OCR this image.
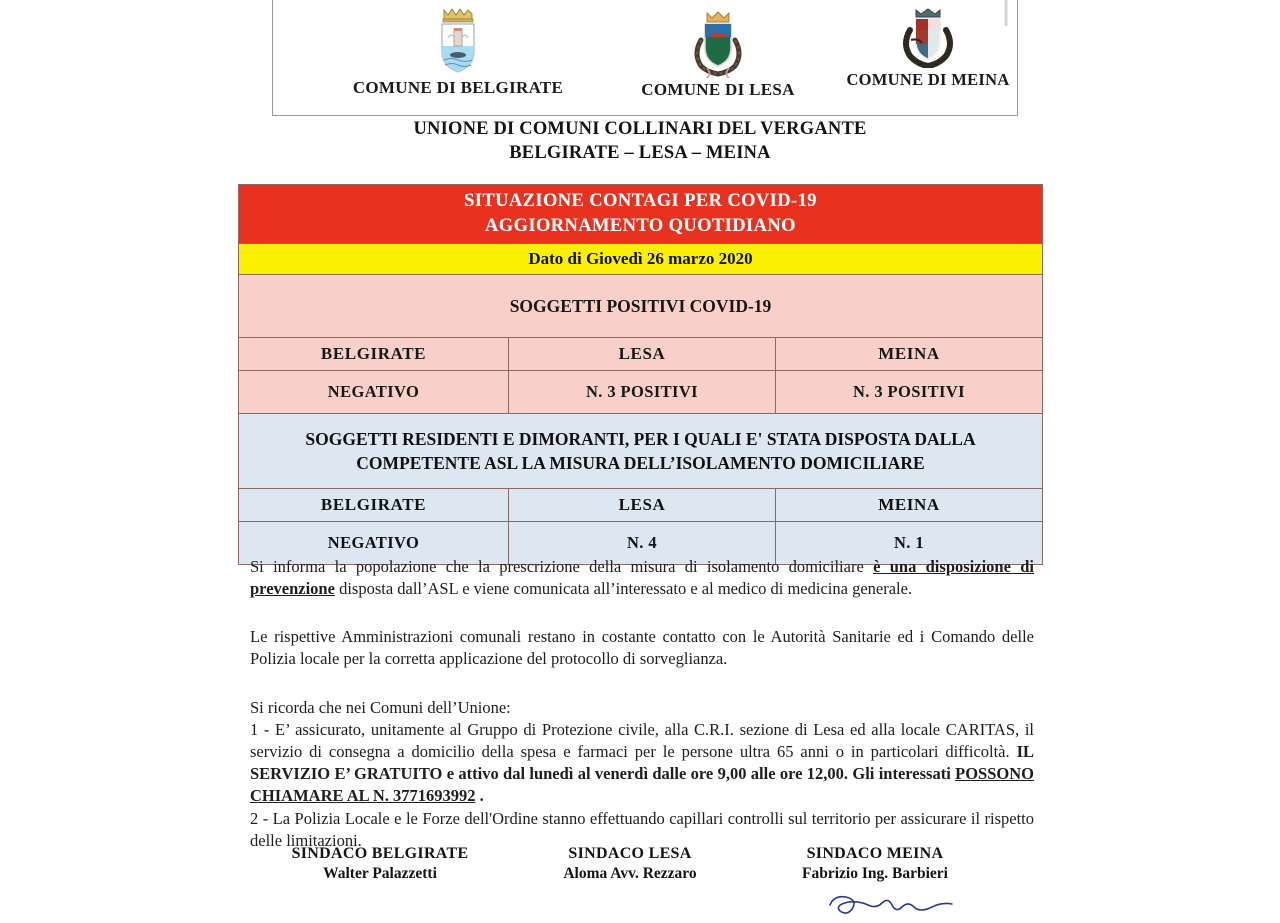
COMUNE DI BELGIRATE	COMUNE DI LESA
COMUNE DI MEINA
UNIONE DI COMUNI COLLINARI DEL VERGANTE
BELGIRATE – LESA – MEINA
SITUAZIONE CONTAGI PER COVID-19
AGGIORNAMENTO QUOTIDIANO		

Dato di Giovedì 26 marzo 2020		
SOGGETTI POSITIVI COVID-19		
BELGIRATE	LESA	MEINA
NEGATIVO	N. 3 POSITIVI	N. 3 POSITIVI

SOGGETTI RESIDENTI E DIMORANTI, PER I QUALI E' STATA DISPOSTA DALLA
COMPETENTE ASL LA MISURA DELL’ISOLAMENTO DOMICILIARE		

BELGIRATE	LESA	MEINA
NEGATIVO	N. 4	N. 1

Si informa la popolazione che la prescrizione della misura di isolamento domiciliare è una disposizione di prevenzione disposta dall’ASL e viene comunicata all’interessato e al medico di medicina generale.

Le rispettive Amministrazioni comunali restano in costante contatto con le Autorità Sanitarie ed i Comando delle Polizia locale per la corretta applicazione del protocollo di sorveglianza.

Si ricorda che nei Comuni dell’Unione:

1 - E’ assicurato, unitamente al Gruppo di Protezione civile, alla C.R.I. sezione di Lesa ed alla locale CARITAS, il servizio di consegna a domicilio della spesa e farmaci per le persone ultra 65 anni o in particolari difficoltà. IL SERVIZIO E’ GRATUITO e attivo dal lunedì al venerdì dalle ore 9,00 alle ore 12,00. Gli interessati POSSONO CHIAMARE AL N. 3771693992 .

2 - La Polizia Locale e le Forze dell'Ordine stanno effettuando capillari controlli sul territorio per assicurare il rispetto delle limitazioni.

SINDACO BELGIRATE
Walter Palazzetti
SINDACO LESA
Aloma Avv. Rezzaro
SINDACO MEINA
Fabrizio Ing. Barbieri
